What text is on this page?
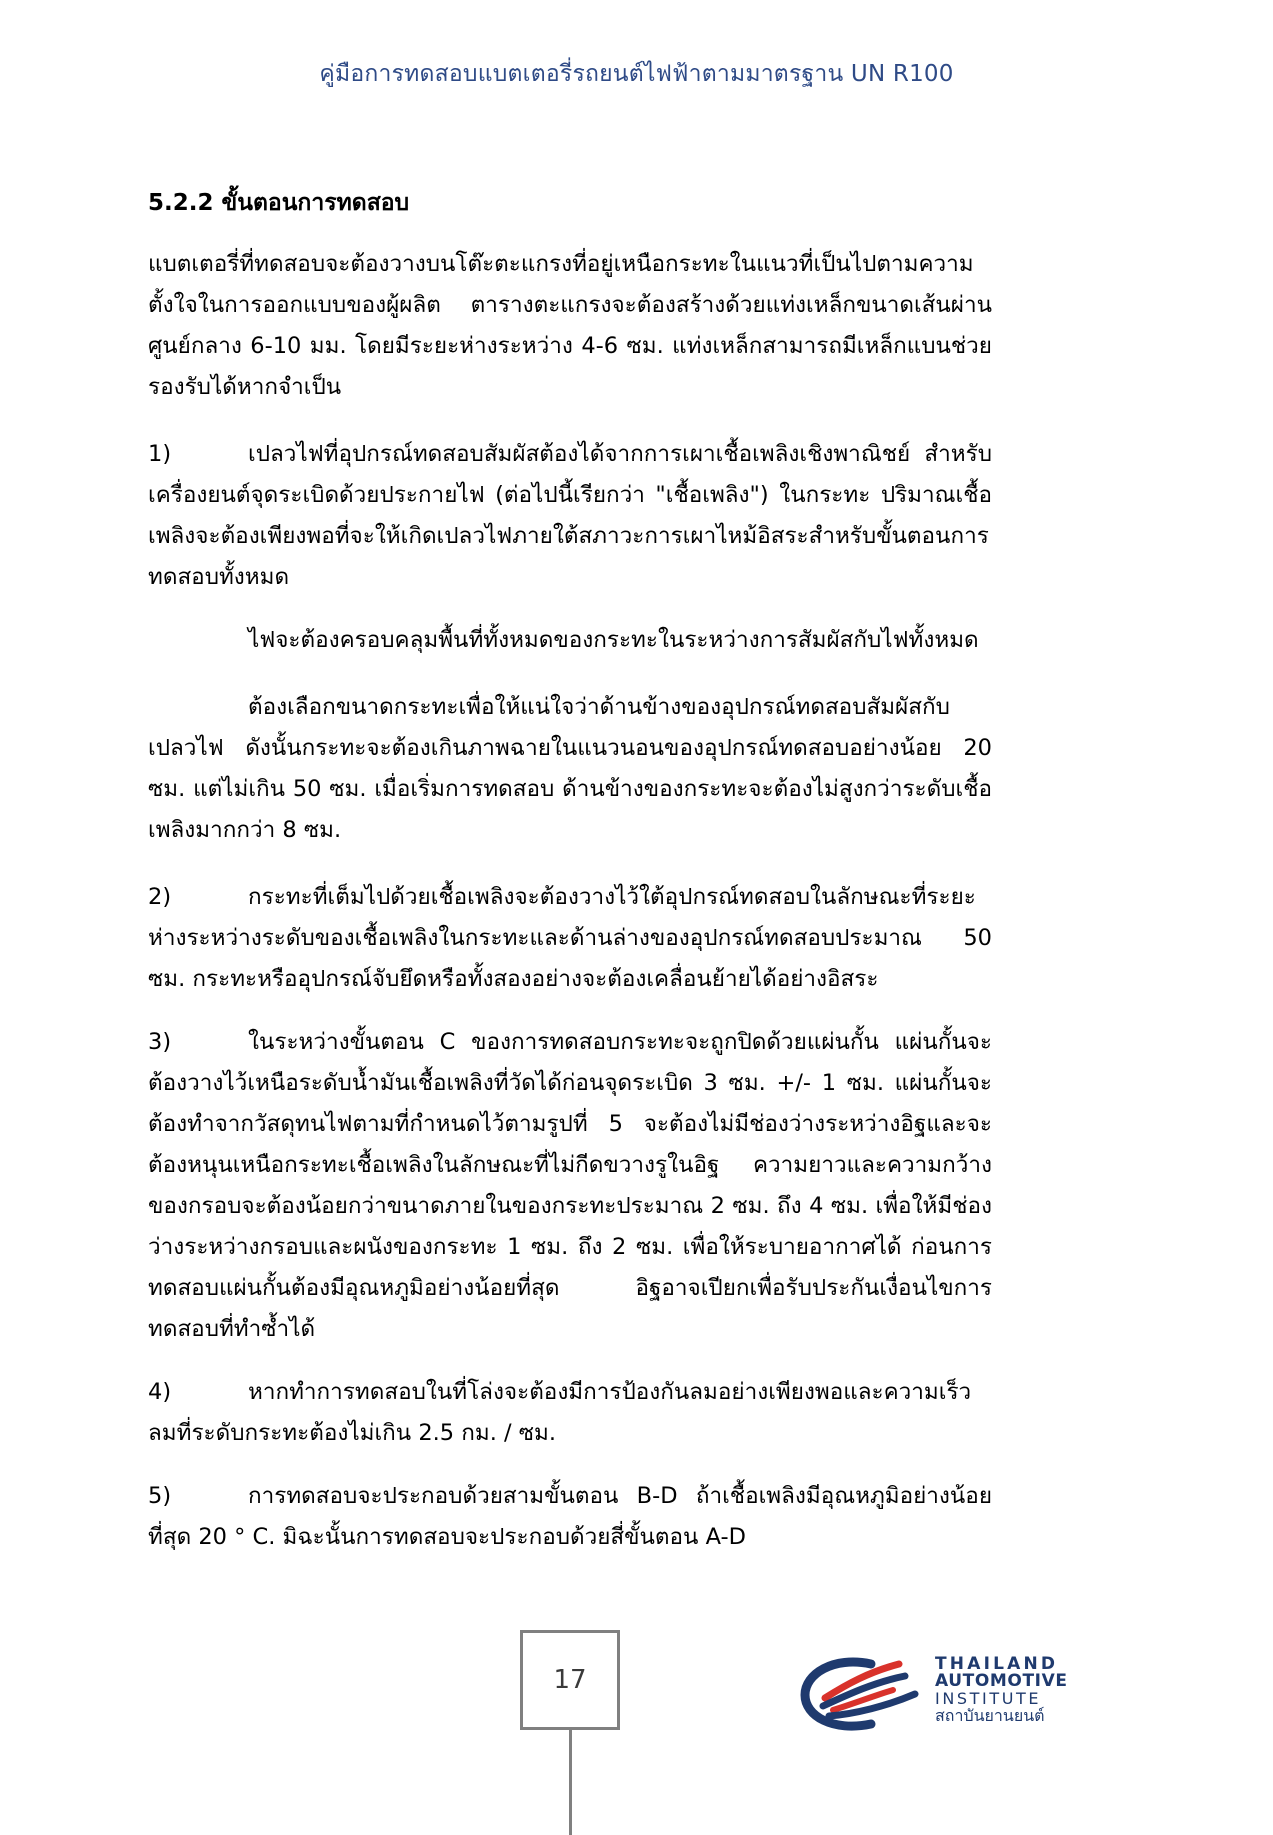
คู่มือการทดสอบแบตเตอรี่รถยนต์ไฟฟ้าตามมาตรฐาน UN R100
5.2.2 ขั้นตอนการทดสอบ

แบตเตอรี่ที่ทดสอบจะต้องวางบนโต๊ะตะแกรงที่อยู่เหนือกระทะในแนวที่เป็นไปตามความตั้งใจในการออกแบบของผู้ผลิต ตารางตะแกรงจะต้องสร้างด้วยแท่งเหล็กขนาดเส้นผ่านศูนย์กลาง 6-10 มม. โดยมีระยะห่างระหว่าง 4-6 ซม. แท่งเหล็กสามารถมีเหล็กแบนช่วยรองรับได้หากจำเป็น

1)	เปลวไฟที่อุปกรณ์ทดสอบสัมผัสต้องได้จากการเผาเชื้อเพลิงเชิงพาณิชย์ สำหรับเครื่องยนต์จุดระเบิดด้วยประกายไฟ (ต่อไปนี้เรียกว่า "เชื้อเพลิง") ในกระทะ ปริมาณเชื้อเพลิงจะต้องเพียงพอที่จะให้เกิดเปลวไฟภายใต้สภาวะการเผาไหม้อิสระสำหรับขั้นตอนการทดสอบทั้งหมด

ไฟจะต้องครอบคลุมพื้นที่ทั้งหมดของกระทะในระหว่างการสัมผัสกับไฟทั้งหมด

ต้องเลือกขนาดกระทะเพื่อให้แน่ใจว่าด้านข้างของอุปกรณ์ทดสอบสัมผัสกับเปลวไฟ ดังนั้นกระทะจะต้องเกินภาพฉายในแนวนอนของอุปกรณ์ทดสอบอย่างน้อย 20 ซม. แต่ไม่เกิน 50 ซม. เมื่อเริ่มการทดสอบ ด้านข้างของกระทะจะต้องไม่สูงกว่าระดับเชื้อเพลิงมากกว่า 8 ซม.

2)	กระทะที่เต็มไปด้วยเชื้อเพลิงจะต้องวางไว้ใต้อุปกรณ์ทดสอบในลักษณะที่ระยะห่างระหว่างระดับของเชื้อเพลิงในกระทะและด้านล่างของอุปกรณ์ทดสอบประมาณ 50 ซม. กระทะหรืออุปกรณ์จับยึดหรือทั้งสองอย่างจะต้องเคลื่อนย้ายได้อย่างอิสระ
3)	ในระหว่างขั้นตอน C ของการทดสอบกระทะจะถูกปิดด้วยแผ่นกั้น แผ่นกั้นจะต้องวางไว้เหนือระดับน้ำมันเชื้อเพลิงที่วัดได้ก่อนจุดระเบิด 3 ซม. +/- 1 ซม. แผ่นกั้นจะต้องทำจากวัสดุทนไฟตามที่กำหนดไว้ตามรูปที่ 5 จะต้องไม่มีช่องว่างระหว่างอิฐและจะต้องหนุนเหนือกระทะเชื้อเพลิงในลักษณะที่ไม่กีดขวางรูในอิฐ ความยาวและความกว้างของกรอบจะต้องน้อยกว่าขนาดภายในของกระทะประมาณ 2 ซม. ถึง 4 ซม. เพื่อให้มีช่องว่างระหว่างกรอบและผนังของกระทะ 1 ซม. ถึง 2 ซม. เพื่อให้ระบายอากาศได้ ก่อนการทดสอบแผ่นกั้นต้องมีอุณหภูมิอย่างน้อยที่สุด อิฐอาจเปียกเพื่อรับประกันเงื่อนไขการทดสอบที่ทำซ้ำได้
4)	หากทำการทดสอบในที่โล่งจะต้องมีการป้องกันลมอย่างเพียงพอและความเร็วลมที่ระดับกระทะต้องไม่เกิน 2.5 กม. / ซม.
5)	การทดสอบจะประกอบด้วยสามขั้นตอน B-D ถ้าเชื้อเพลิงมีอุณหภูมิอย่างน้อยที่สุด 20 ° C. มิฉะนั้นการทดสอบจะประกอบด้วยสี่ขั้นตอน A-D
17
THAILAND
AUTOMOTIVE
INSTITUTE
สถาบันยานยนต์
